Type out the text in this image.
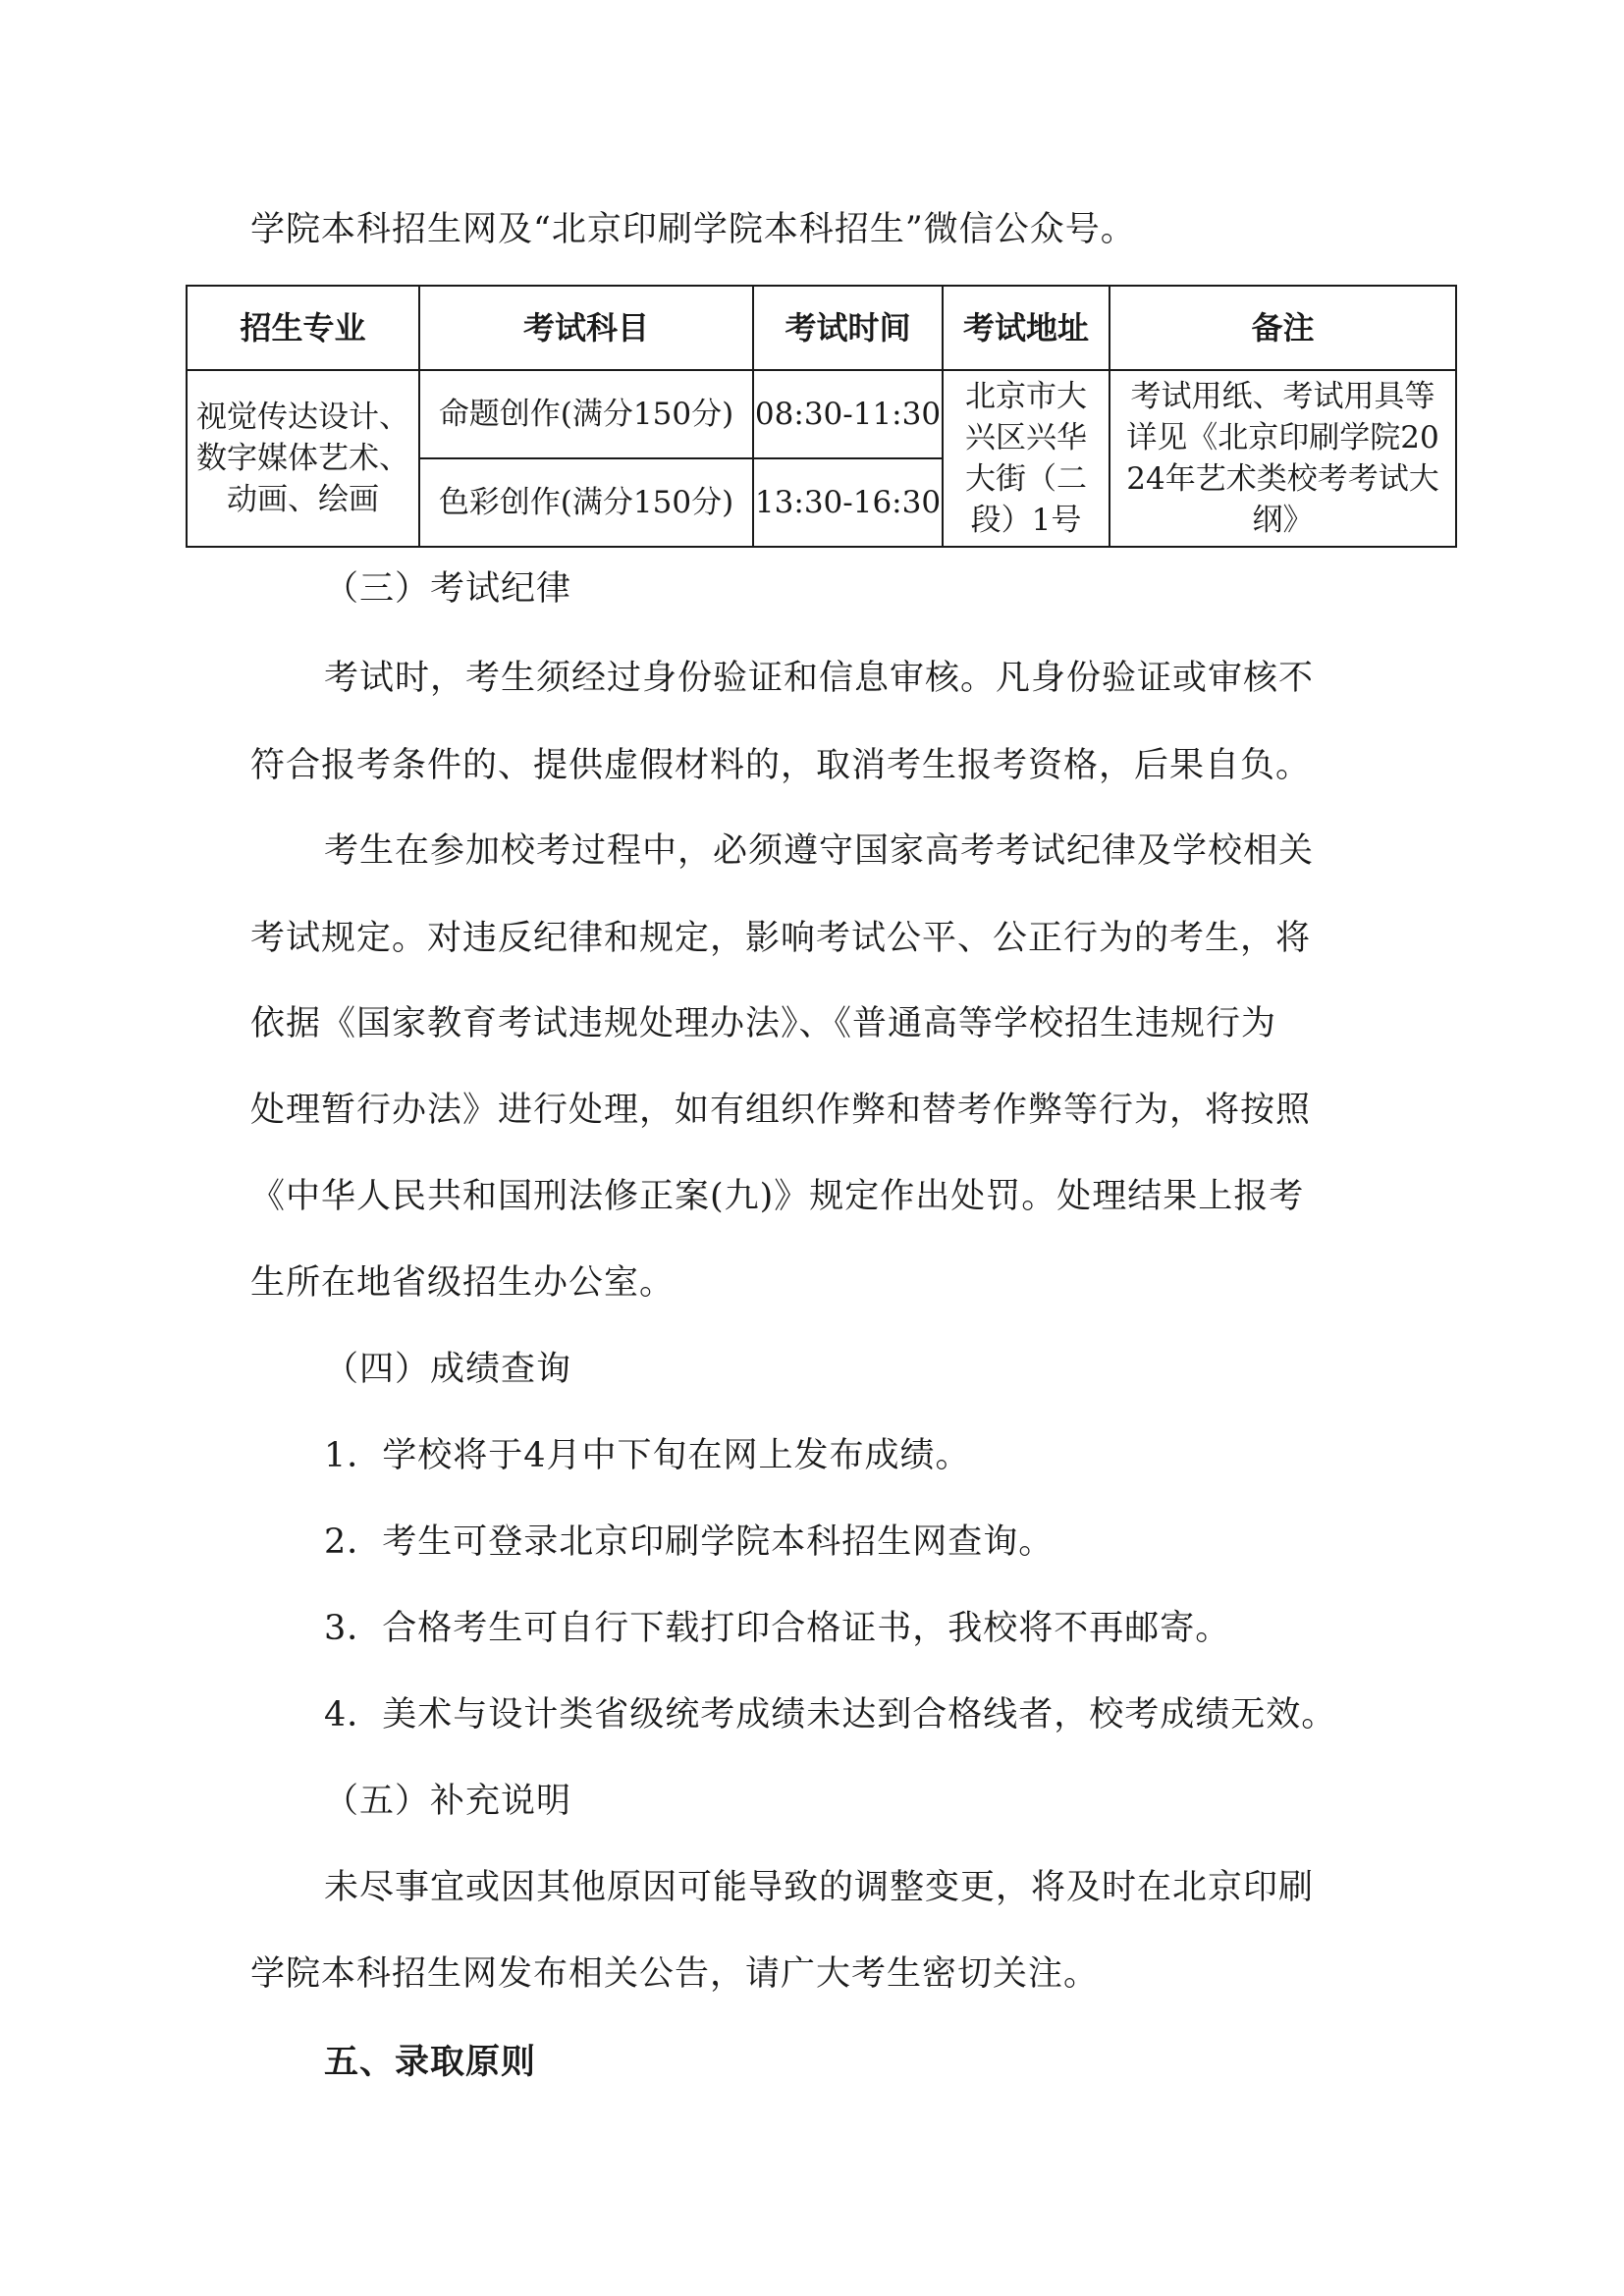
学院本科招生网及“北京印刷学院本科招生”微信公众号。
招生专业	考试科目	考试时间	考试地址	备注
视觉传达设计、数字媒体艺术、动画、绘画	命题创作(满分150分)	08:30-11:30	北京市大兴区兴华大街（二段）1号	考试用纸、考试用具等详见《北京印刷学院2024年艺术类校考考试大纲》
	色彩创作(满分150分)	13:30-16:30		
（三）考试纪律
考试时，考生须经过身份验证和信息审核。凡身份验证或审核不
符合报考条件的、提供虚假材料的，取消考生报考资格，后果自负。
考生在参加校考过程中，必须遵守国家高考考试纪律及学校相关
考试规定。对违反纪律和规定，影响考试公平、公正行为的考生，将
依据《国家教育考试违规处理办法》、《普通高等学校招生违规行为
处理暂行办法》进行处理，如有组织作弊和替考作弊等行为，将按照
《中华人民共和国刑法修正案(九)》规定作出处罚。处理结果上报考
生所在地省级招生办公室。
（四）成绩查询
1．学校将于4月中下旬在网上发布成绩。
2．考生可登录北京印刷学院本科招生网查询。
3．合格考生可自行下载打印合格证书，我校将不再邮寄。
4．美术与设计类省级统考成绩未达到合格线者，校考成绩无效。
（五）补充说明
未尽事宜或因其他原因可能导致的调整变更，将及时在北京印刷
学院本科招生网发布相关公告，请广大考生密切关注。
五、录取原则
